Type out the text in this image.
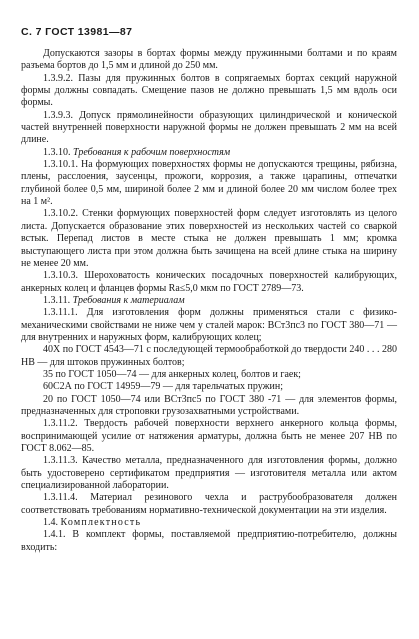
С. 7 ГОСТ 13981—87

Допускаются зазоры в бортах формы между пружинными болтами и по краям разъема бортов до 1,5 мм и длиной до 250 мм.

1.3.9.2. Пазы для пружинных болтов в сопрягаемых бортах секций наружной формы должны совпадать. Смещение пазов не должно превышать 1,5 мм вдоль оси формы.

1.3.9.3. Допуск прямолинейности образующих цилиндрической и конической частей внутренней поверхности наружной формы не должен превышать 2 мм на всей длине.

1.3.10. Требования к рабочим поверхностям

1.3.10.1. На формующих поверхностях формы не допускаются трещины, рябизна, плены, расслоения, заусенцы, прожоги, коррозия, а также царапины, отпечатки глубиной более 0,5 мм, шириной более 2 мм и длиной более 20 мм числом более трех на 1 м².

1.3.10.2. Стенки формующих поверхностей форм следует изготовлять из целого листа. Допускается образование этих поверхностей из нескольких частей со сваркой встык. Перепад листов в месте стыка не должен превышать 1 мм; кромка выступающего листа при этом должна быть зачищена на всей длине стыка на ширину не менее 20 мм.

1.3.10.3. Шероховатость конических посадочных поверхностей калибрующих, анкерных колец и фланцев формы Ra≤5,0 мкм по ГОСТ 2789—73.

1.3.11. Требования к материалам

1.3.11.1. Для изготовления форм должны применяться стали с физико-механическими свойствами не ниже чем у сталей марок: ВСт3пс3 по ГОСТ 380—71 — для внутренних и наружных форм, калибрующих колец;

40Х по ГОСТ 4543—71 с последующей термообработкой до твердости 240 . . . 280 НВ — для штоков пружинных болтов;

35 по ГОСТ 1050—74 — для анкерных колец, болтов и гаек;

60С2А по ГОСТ 14959—79 — для тарельчатых пружин;

20 по ГОСТ 1050—74 или ВСт3пс5 по ГОСТ 380 -71 — для элементов формы, предназначенных для строповки грузозахватными устройствами.

1.3.11.2. Твердость рабочей поверхности верхнего анкерного кольца формы, воспринимающей усилие от натяжения арматуры, должна быть не менее 207 НВ по ГОСТ 8.062—85.

1.3.11.3. Качество металла, предназначенного для изготовления формы, должно быть удостоверено сертификатом предприятия — изготовителя металла или актом специализированной лаборатории.

1.3.11.4. Материал резинового чехла и раструбообразователя должен соответствовать требованиям нормативно-технической документации на эти изделия.

1.4. Комплектность

1.4.1. В комплект формы, поставляемой предприятию-потребителю, должны входить:
